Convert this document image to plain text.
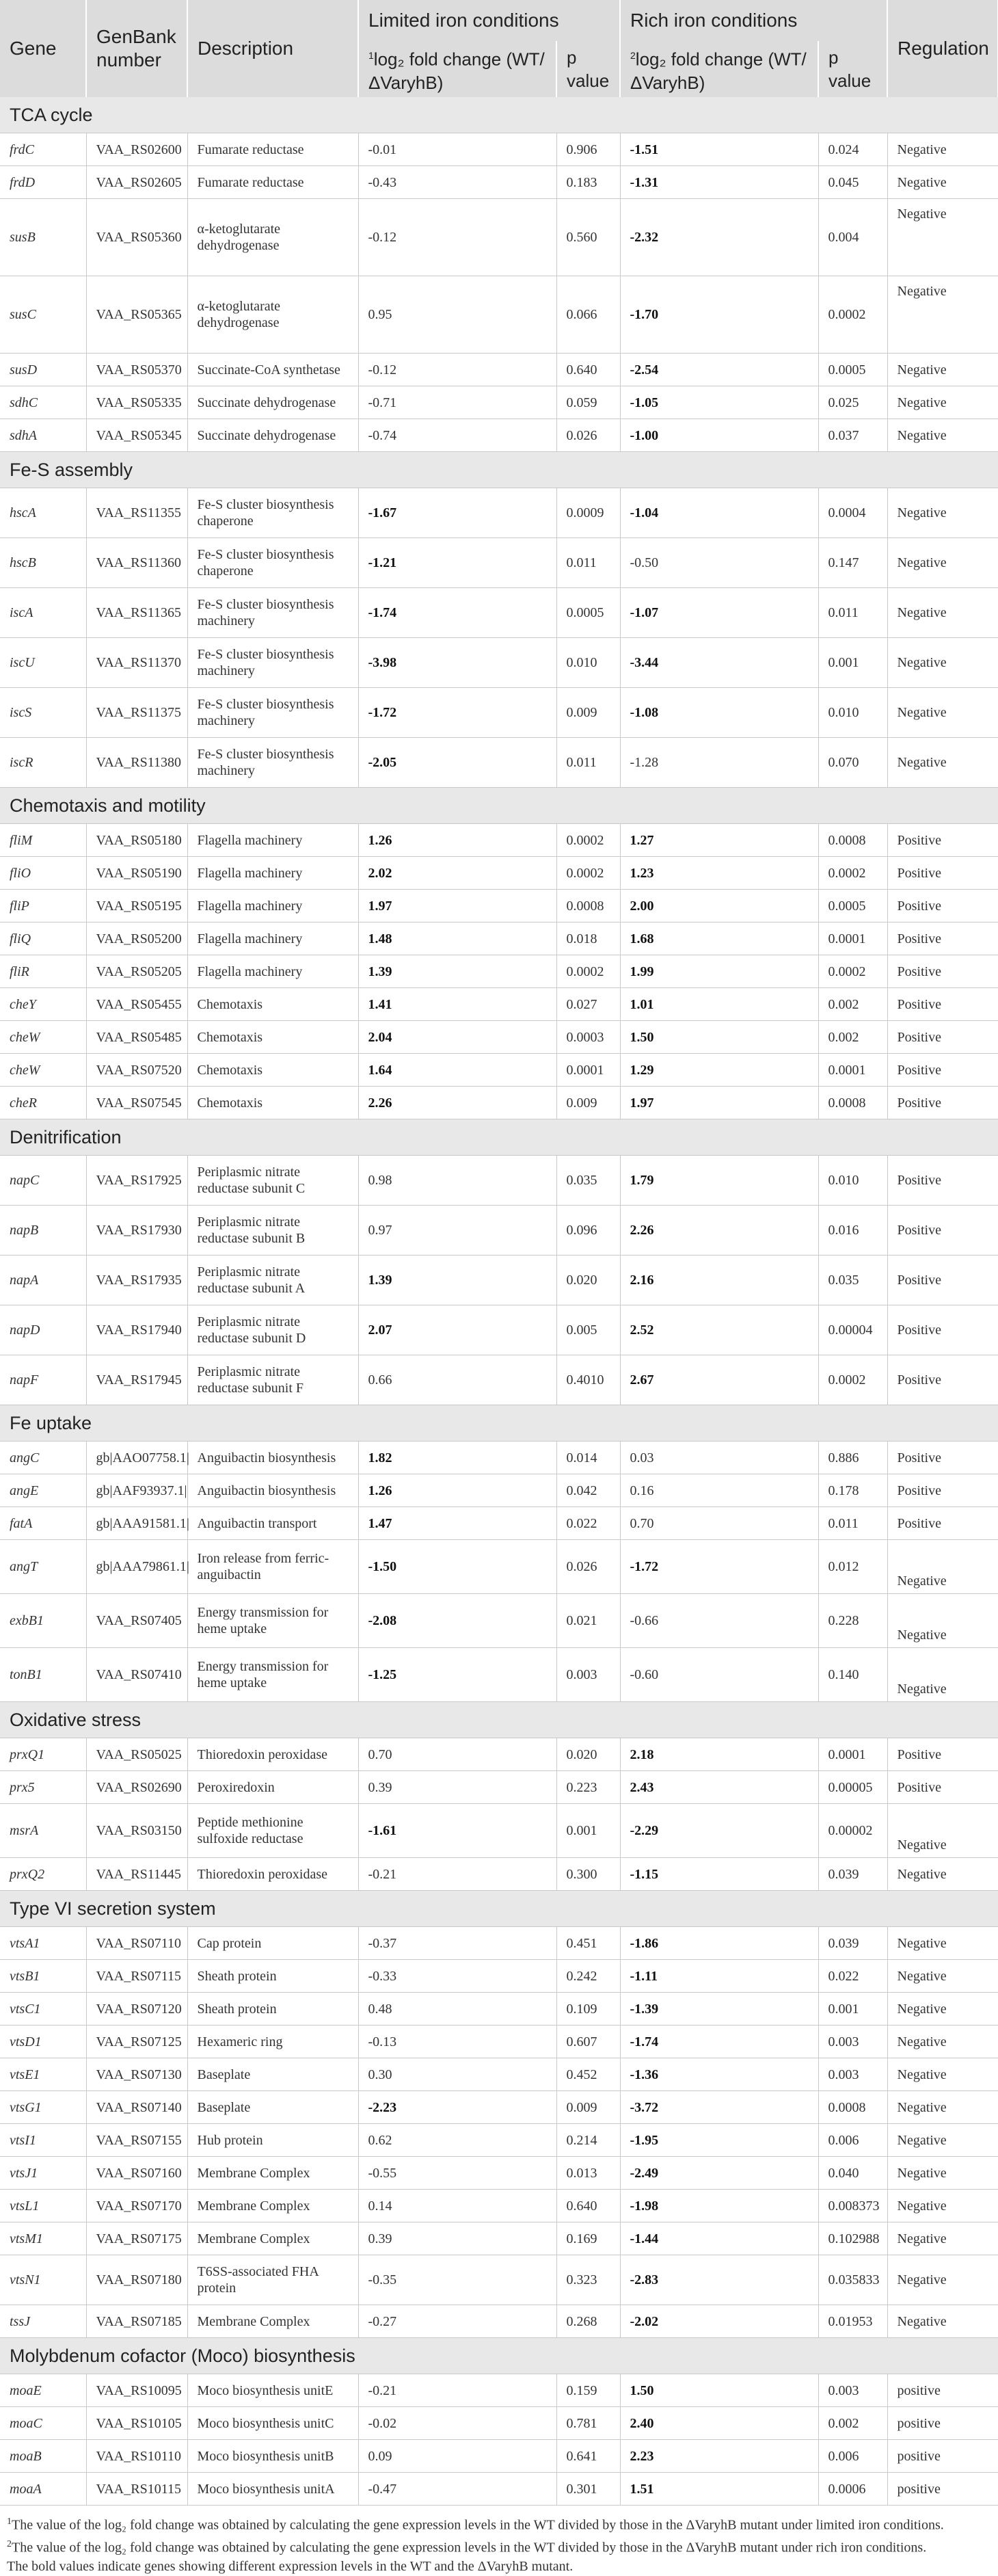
Gene	GenBank number	Description	Limited iron conditions		Rich iron conditions		Regulation
			$^1$log₂ fold change (WT/ΔVaryhB)	p value	$^2$log₂ fold change (WT/ΔVaryhB)	p value	
TCA cycle							
frdC	VAA_RS02600	Fumarate reductase	-0.01	0.906	-1.51	0.024	Negative
frdD	VAA_RS02605	Fumarate reductase	-0.43	0.183	-1.31	0.045	Negative
susB	VAA_RS05360	α-ketoglutarate dehydrogenase	-0.12	0.560	-2.32	0.004	Negative
susC	VAA_RS05365	α-ketoglutarate dehydrogenase	0.95	0.066	-1.70	0.0002	Negative
susD	VAA_RS05370	Succinate-CoA synthetase	-0.12	0.640	-2.54	0.0005	Negative
sdhC	VAA_RS05335	Succinate dehydrogenase	-0.71	0.059	-1.05	0.025	Negative
sdhA	VAA_RS05345	Succinate dehydrogenase	-0.74	0.026	-1.00	0.037	Negative
Fe-S assembly							
hscA	VAA_RS11355	Fe-S cluster biosynthesis chaperone	-1.67	0.0009	-1.04	0.0004	Negative
hscB	VAA_RS11360	Fe-S cluster biosynthesis chaperone	-1.21	0.011	-0.50	0.147	Negative
iscA	VAA_RS11365	Fe-S cluster biosynthesis machinery	-1.74	0.0005	-1.07	0.011	Negative
iscU	VAA_RS11370	Fe-S cluster biosynthesis machinery	-3.98	0.010	-3.44	0.001	Negative
iscS	VAA_RS11375	Fe-S cluster biosynthesis machinery	-1.72	0.009	-1.08	0.010	Negative
iscR	VAA_RS11380	Fe-S cluster biosynthesis machinery	-2.05	0.011	-1.28	0.070	Negative
Chemotaxis and motility							
fliM	VAA_RS05180	Flagella machinery	1.26	0.0002	1.27	0.0008	Positive
fliO	VAA_RS05190	Flagella machinery	2.02	0.0002	1.23	0.0002	Positive
fliP	VAA_RS05195	Flagella machinery	1.97	0.0008	2.00	0.0005	Positive
fliQ	VAA_RS05200	Flagella machinery	1.48	0.018	1.68	0.0001	Positive
fliR	VAA_RS05205	Flagella machinery	1.39	0.0002	1.99	0.0002	Positive
cheY	VAA_RS05455	Chemotaxis	1.41	0.027	1.01	0.002	Positive
cheW	VAA_RS05485	Chemotaxis	2.04	0.0003	1.50	0.002	Positive
cheW	VAA_RS07520	Chemotaxis	1.64	0.0001	1.29	0.0001	Positive
cheR	VAA_RS07545	Chemotaxis	2.26	0.009	1.97	0.0008	Positive
Denitrification							
napC	VAA_RS17925	Periplasmic nitrate reductase subunit C	0.98	0.035	1.79	0.010	Positive
napB	VAA_RS17930	Periplasmic nitrate reductase subunit B	0.97	0.096	2.26	0.016	Positive
napA	VAA_RS17935	Periplasmic nitrate reductase subunit A	1.39	0.020	2.16	0.035	Positive
napD	VAA_RS17940	Periplasmic nitrate reductase subunit D	2.07	0.005	2.52	0.00004	Positive
napF	VAA_RS17945	Periplasmic nitrate reductase subunit F	0.66	0.4010	2.67	0.0002	Positive
Fe uptake							
angC	gb|AAO07758.1|	Anguibactin biosynthesis	1.82	0.014	0.03	0.886	Positive
angE	gb|AAF93937.1|	Anguibactin biosynthesis	1.26	0.042	0.16	0.178	Positive
fatA	gb|AAA91581.1|	Anguibactin transport	1.47	0.022	0.70	0.011	Positive
angT	gb|AAA79861.1|	Iron release from ferric-anguibactin	-1.50	0.026	-1.72	0.012	Negative
exbB1	VAA_RS07405	Energy transmission for heme uptake	-2.08	0.021	-0.66	0.228	Negative
tonB1	VAA_RS07410	Energy transmission for heme uptake	-1.25	0.003	-0.60	0.140	Negative
Oxidative stress							
prxQ1	VAA_RS05025	Thioredoxin peroxidase	0.70	0.020	2.18	0.0001	Positive
prx5	VAA_RS02690	Peroxiredoxin	0.39	0.223	2.43	0.00005	Positive
msrA	VAA_RS03150	Peptide methionine sulfoxide reductase	-1.61	0.001	-2.29	0.00002	Negative
prxQ2	VAA_RS11445	Thioredoxin peroxidase	-0.21	0.300	-1.15	0.039	Negative
Type VI secretion system							
vtsA1	VAA_RS07110	Cap protein	-0.37	0.451	-1.86	0.039	Negative
vtsB1	VAA_RS07115	Sheath protein	-0.33	0.242	-1.11	0.022	Negative
vtsC1	VAA_RS07120	Sheath protein	0.48	0.109	-1.39	0.001	Negative
vtsD1	VAA_RS07125	Hexameric ring	-0.13	0.607	-1.74	0.003	Negative
vtsE1	VAA_RS07130	Baseplate	0.30	0.452	-1.36	0.003	Negative
vtsG1	VAA_RS07140	Baseplate	-2.23	0.009	-3.72	0.0008	Negative
vtsI1	VAA_RS07155	Hub protein	0.62	0.214	-1.95	0.006	Negative
vtsJ1	VAA_RS07160	Membrane Complex	-0.55	0.013	-2.49	0.040	Negative
vtsL1	VAA_RS07170	Membrane Complex	0.14	0.640	-1.98	0.008373	Negative
vtsM1	VAA_RS07175	Membrane Complex	0.39	0.169	-1.44	0.102988	Negative
vtsN1	VAA_RS07180	T6SS-associated FHA protein	-0.35	0.323	-2.83	0.035833	Negative
tssJ	VAA_RS07185	Membrane Complex	-0.27	0.268	-2.02	0.01953	Negative
Molybdenum cofactor (Moco) biosynthesis							
moaE	VAA_RS10095	Moco biosynthesis unitE	-0.21	0.159	1.50	0.003	positive
moaC	VAA_RS10105	Moco biosynthesis unitC	-0.02	0.781	2.40	0.002	positive
moaB	VAA_RS10110	Moco biosynthesis unitB	0.09	0.641	2.23	0.006	positive
moaA	VAA_RS10115	Moco biosynthesis unitA	-0.47	0.301	1.51	0.0006	positive
$^1$The value of the log₂ fold change was obtained by calculating the gene expression levels in the WT divided by those in the ΔVaryhB mutant under limited iron conditions.
$^2$The value of the log₂ fold change was obtained by calculating the gene expression levels in the WT divided by those in the ΔVaryhB mutant under rich iron conditions.
The bold values indicate genes showing different expression levels in the WT and the ΔVaryhB mutant.
